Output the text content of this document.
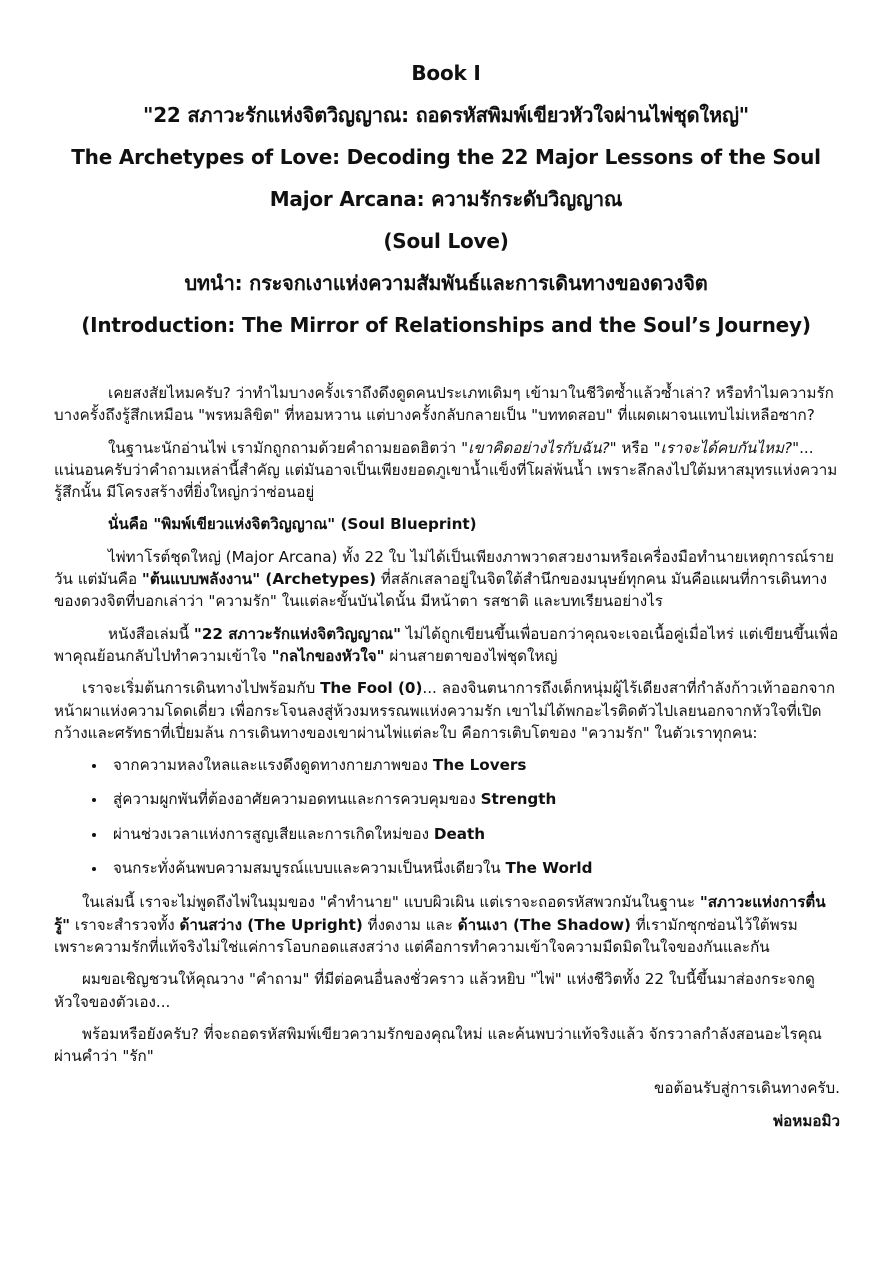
Book I
"22 สภาวะรักแห่งจิตวิญญาณ: ถอดรหัสพิมพ์เขียวหัวใจผ่านไพ่ชุดใหญ่"
The Archetypes of Love: Decoding the 22 Major Lessons of the Soul
Major Arcana: ความรักระดับวิญญาณ
(Soul Love)
บทนำ: กระจกเงาแห่งความสัมพันธ์และการเดินทางของดวงจิต
(Introduction: The Mirror of Relationships and the Soul’s Journey)

เคยสงสัยไหมครับ? ว่าทำไมบางครั้งเราถึงดึงดูดคนประเภทเดิมๆ เข้ามาในชีวิตซ้ำแล้วซ้ำเล่า? หรือทำไมความรักบางครั้งถึงรู้สึกเหมือน "พรหมลิขิต" ที่หอมหวาน แต่บางครั้งกลับกลายเป็น "บททดสอบ" ที่แผดเผาจนแทบไม่เหลือซาก?

ในฐานะนักอ่านไพ่ เรามักถูกถามด้วยคำถามยอดฮิตว่า "เขาคิดอย่างไรกับฉัน?" หรือ "เราจะได้คบกันไหม?"... แน่นอนครับว่าคำถามเหล่านี้สำคัญ แต่มันอาจเป็นเพียงยอดภูเขาน้ำแข็งที่โผล่พ้นน้ำ เพราะลึกลงไปใต้มหาสมุทรแห่งความรู้สึกนั้น มีโครงสร้างที่ยิ่งใหญ่กว่าซ่อนอยู่

นั่นคือ "พิมพ์เขียวแห่งจิตวิญญาณ" (Soul Blueprint)

ไพ่ทาโรต์ชุดใหญ่ (Major Arcana) ทั้ง 22 ใบ ไม่ได้เป็นเพียงภาพวาดสวยงามหรือเครื่องมือทำนายเหตุการณ์รายวัน แต่มันคือ "ต้นแบบพลังงาน" (Archetypes) ที่สลักเสลาอยู่ในจิตใต้สำนึกของมนุษย์ทุกคน มันคือแผนที่การเดินทางของดวงจิตที่บอกเล่าว่า "ความรัก" ในแต่ละขั้นบันไดนั้น มีหน้าตา รสชาติ และบทเรียนอย่างไร

หนังสือเล่มนี้ "22 สภาวะรักแห่งจิตวิญญาณ" ไม่ได้ถูกเขียนขึ้นเพื่อบอกว่าคุณจะเจอเนื้อคู่เมื่อไหร่ แต่เขียนขึ้นเพื่อพาคุณย้อนกลับไปทำความเข้าใจ "กลไกของหัวใจ" ผ่านสายตาของไพ่ชุดใหญ่

เราจะเริ่มต้นการเดินทางไปพร้อมกับ The Fool (0)... ลองจินตนาการถึงเด็กหนุ่มผู้ไร้เดียงสาที่กำลังก้าวเท้าออกจากหน้าผาแห่งความโดดเดี่ยว เพื่อกระโจนลงสู่ห้วงมหรรณพแห่งความรัก เขาไม่ได้พกอะไรติดตัวไปเลยนอกจากหัวใจที่เปิดกว้างและศรัทธาที่เปี่ยมล้น การเดินทางของเขาผ่านไพ่แต่ละใบ คือการเติบโตของ "ความรัก" ในตัวเราทุกคน:

• จากความหลงใหลและแรงดึงดูดทางกายภาพของ The Lovers
• สู่ความผูกพันที่ต้องอาศัยความอดทนและการควบคุมของ Strength
• ผ่านช่วงเวลาแห่งการสูญเสียและการเกิดใหม่ของ Death
• จนกระทั่งค้นพบความสมบูรณ์แบบและความเป็นหนึ่งเดียวใน The World

ในเล่มนี้ เราจะไม่พูดถึงไพ่ในมุมของ "คำทำนาย" แบบผิวเผิน แต่เราจะถอดรหัสพวกมันในฐานะ "สภาวะแห่งการตื่นรู้" เราจะสำรวจทั้ง ด้านสว่าง (The Upright) ที่งดงาม และ ด้านเงา (The Shadow) ที่เรามักซุกซ่อนไว้ใต้พรม เพราะความรักที่แท้จริงไม่ใช่แค่การโอบกอดแสงสว่าง แต่คือการทำความเข้าใจความมืดมิดในใจของกันและกัน

ผมขอเชิญชวนให้คุณวาง "คำถาม" ที่มีต่อคนอื่นลงชั่วคราว แล้วหยิบ "ไพ่" แห่งชีวิตทั้ง 22 ใบนี้ขึ้นมาส่องกระจกดูหัวใจของตัวเอง...

พร้อมหรือยังครับ? ที่จะถอดรหัสพิมพ์เขียวความรักของคุณใหม่ และค้นพบว่าแท้จริงแล้ว จักรวาลกำลังสอนอะไรคุณผ่านคำว่า "รัก"

ขอต้อนรับสู่การเดินทางครับ.

พ่อหมอมิว
